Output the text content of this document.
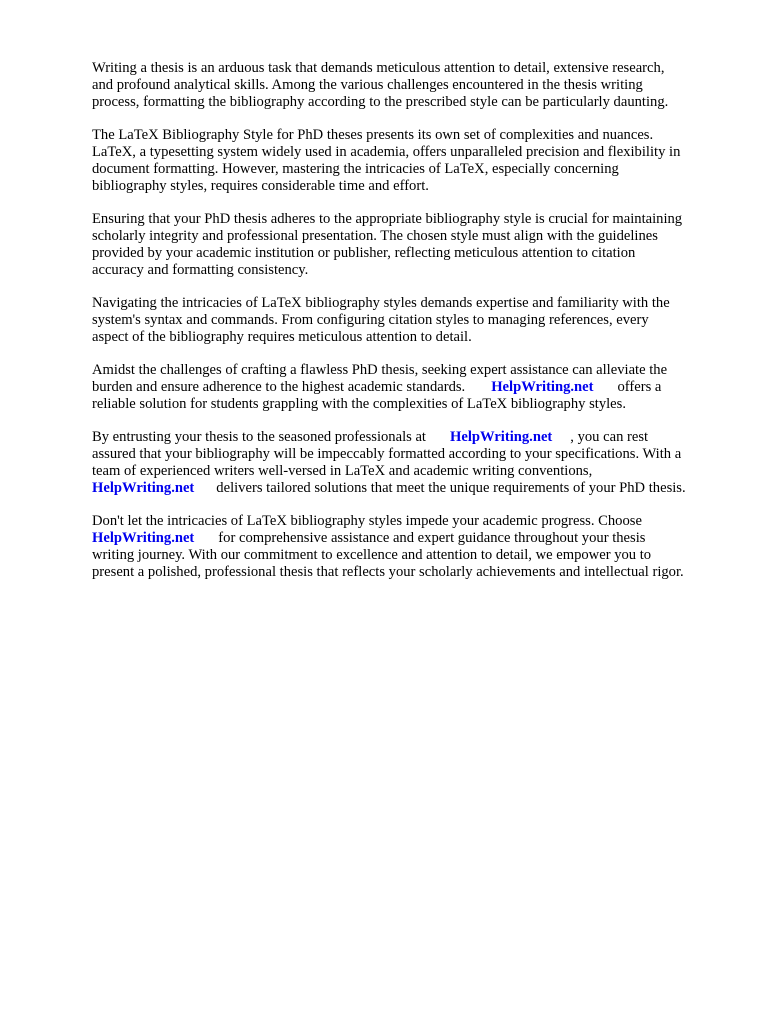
Writing a thesis is an arduous task that demands meticulous attention to detail, extensive research,
and profound analytical skills. Among the various challenges encountered in the thesis writing
process, formatting the bibliography according to the prescribed style can be particularly daunting.

The LaTeX Bibliography Style for PhD theses presents its own set of complexities and nuances.
LaTeX, a typesetting system widely used in academia, offers unparalleled precision and flexibility in
document formatting. However, mastering the intricacies of LaTeX, especially concerning
bibliography styles, requires considerable time and effort.

Ensuring that your PhD thesis adheres to the appropriate bibliography style is crucial for maintaining
scholarly integrity and professional presentation. The chosen style must align with the guidelines
provided by your academic institution or publisher, reflecting meticulous attention to citation
accuracy and formatting consistency.

Navigating the intricacies of LaTeX bibliography styles demands expertise and familiarity with the
system's syntax and commands. From configuring citation styles to managing references, every
aspect of the bibliography requires meticulous attention to detail.

Amidst the challenges of crafting a flawless PhD thesis, seeking expert assistance can alleviate the
burden and ensure adherence to the highest academic standards. HelpWriting.net offers a
reliable solution for students grappling with the complexities of LaTeX bibliography styles.

By entrusting your thesis to the seasoned professionals at HelpWriting.net , you can rest
assured that your bibliography will be impeccably formatted according to your specifications. With a
team of experienced writers well-versed in LaTeX and academic writing conventions,
HelpWriting.net delivers tailored solutions that meet the unique requirements of your PhD thesis.

Don't let the intricacies of LaTeX bibliography styles impede your academic progress. Choose
HelpWriting.net for comprehensive assistance and expert guidance throughout your thesis
writing journey. With our commitment to excellence and attention to detail, we empower you to
present a polished, professional thesis that reflects your scholarly achievements and intellectual rigor.
